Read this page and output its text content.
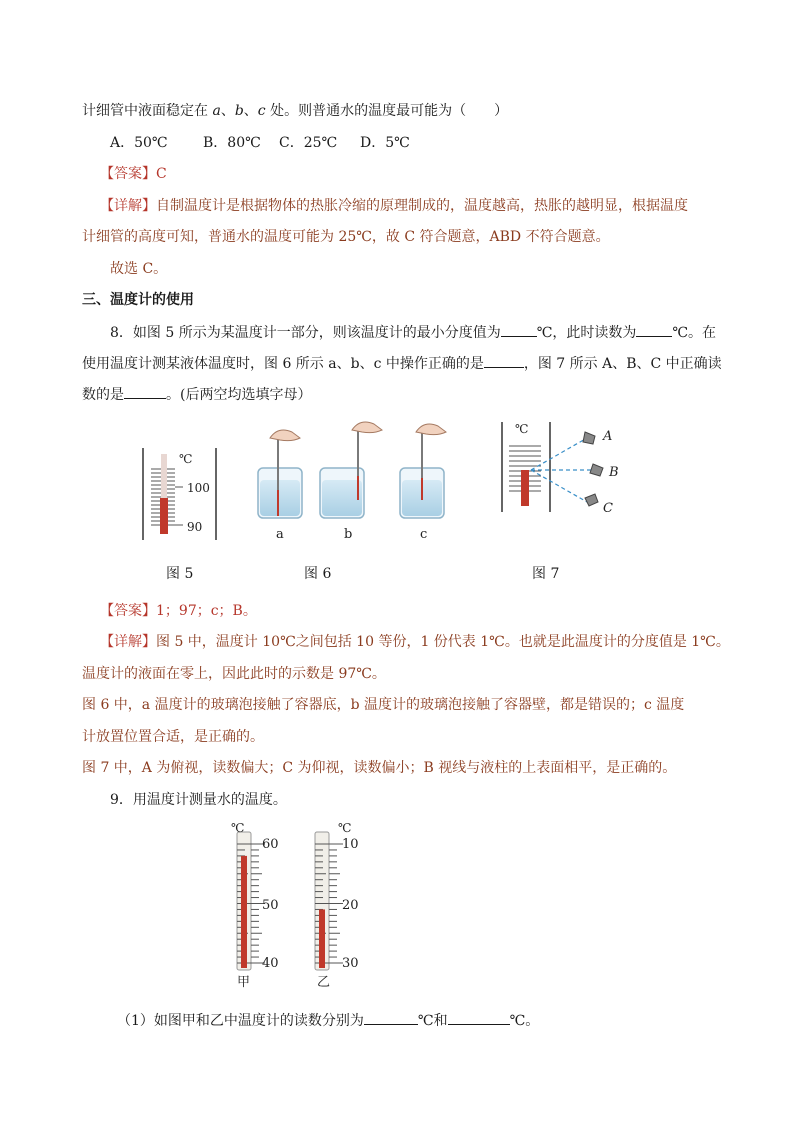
计细管中液面稳定在 a、b、c 处。则普通水的温度最可能为（　　）
A．50℃	B．80℃ C．25℃ D．5℃
【答案】C
【详解】自制温度计是根据物体的热胀冷缩的原理制成的，温度越高，热胀的越明显，根据温度
计细管的高度可知，普通水的温度可能为 25℃，故 C 符合题意，ABD 不符合题意。
故选 C。
三、温度计的使用
8．如图 5 所示为某温度计一部分，则该温度计的最小分度值为	℃，此时读数为	℃。在
使用温度计测某液体温度时，图 6 所示 a、b、c 中操作正确的是	，图 7 所示 A、B、C 中正确读
数的是	。(后两空均选填字母）
℃
100
90
图 5
a	b	c
图 6
℃	A
B
C
图 7
【答案】1；97；c；B。
【详解】图 5 中，温度计 10℃之间包括 10 等份，1 份代表 1℃。也就是此温度计的分度值是 1℃。
温度计的液面在零上，因此此时的示数是 97℃。
图 6 中，a 温度计的玻璃泡接触了容器底，b 温度计的玻璃泡接触了容器壁，都是错误的；c 温度
计放置位置合适，是正确的。
图 7 中，A 为俯视，读数偏大；C 为仰视，读数偏小；B 视线与液柱的上表面相平，是正确的。
9．用温度计测量水的温度。
℃
60
50
40
甲
℃
10
20
30
乙
（1）如图甲和乙中温度计的读数分别为	℃和	℃。
